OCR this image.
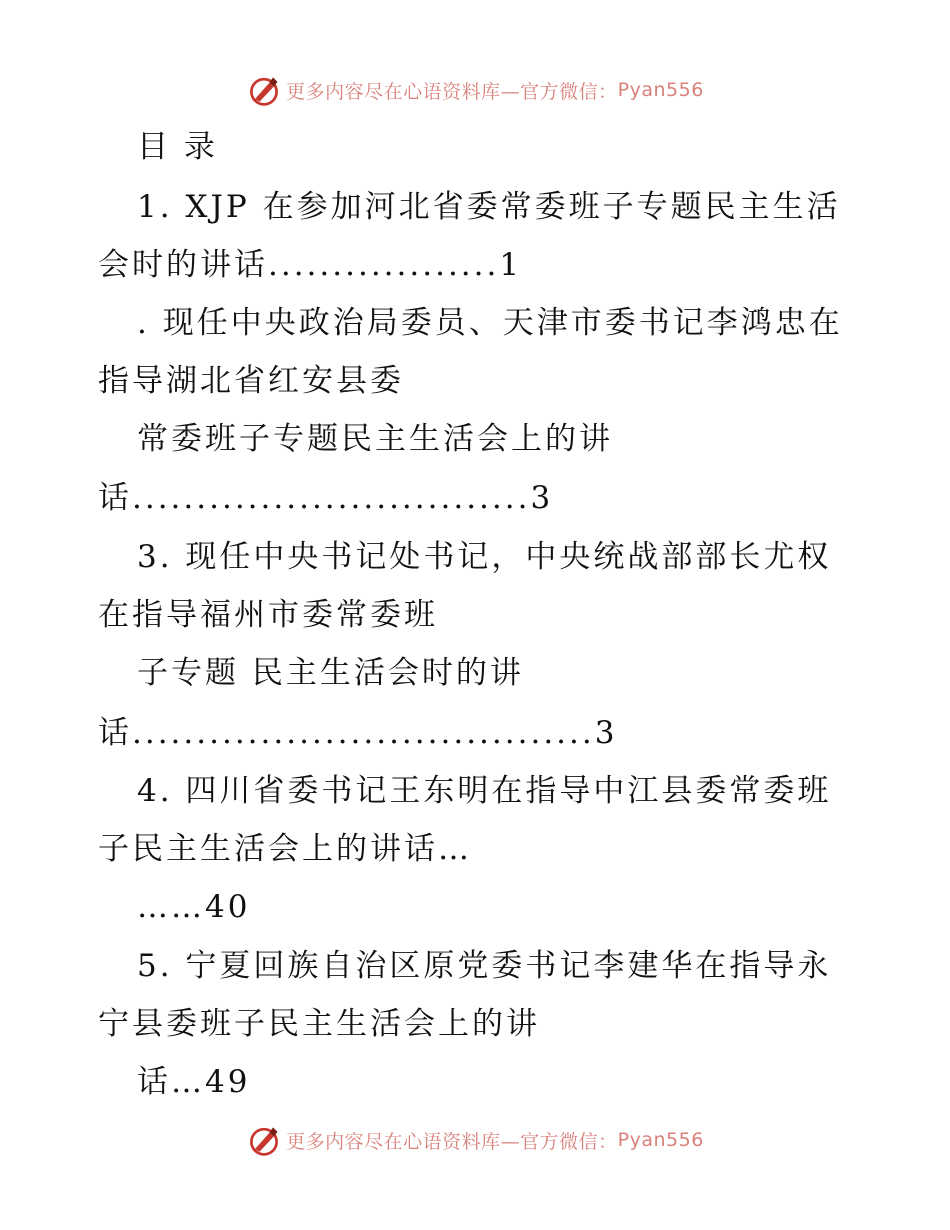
更多内容尽在心语资料库—官方微信： Pyan556
目 录
1. XJP 在参加河北省委常委班子专题民主生活
会时的讲话..................1
. 现任中央政治局委员、天津市委书记李鸿忠在
指导湖北省红安县委
常委班子专题民主生活会上的讲
话...............................3
3. 现任中央书记处书记，中央统战部部长尤权
在指导福州市委常委班
子专题 民主生活会时的讲
话....................................3
4. 四川省委书记王东明在指导中江县委常委班
子民主生活会上的讲话…
……40
5. 宁夏回族自治区原党委书记李建华在指导永
宁县委班子民主生活会上的讲
话…49
更多内容尽在心语资料库—官方微信： Pyan556
